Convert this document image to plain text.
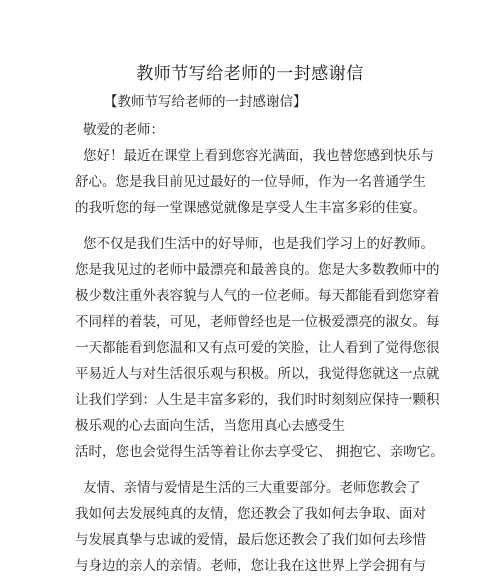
教师节写给老师的一封感谢信
【教师节写给老师的一封感谢信】
敬爱的老师：
您好！最近在课堂上看到您容光满面，我也替您感到快乐与
舒心。您是我目前见过最好的一位导师，作为一名普通学生
的我听您的每一堂课感觉就像是享受人生丰富多彩的佳宴。
您不仅是我们生活中的好导师，也是我们学习上的好教师。
您是我见过的老师中最漂亮和最善良的。您是大多数教师中的
极少数注重外表容貌与人气的一位老师。每天都能看到您穿着
不同样的着装，可见，老师曾经也是一位极爱漂亮的淑女。每
一天都能看到您温和又有点可爱的笑脸，让人看到了觉得您很
平易近人与对生活很乐观与积极。所以，我觉得您就这一点就
让我们学到：人生是丰富多彩的，我们时时刻刻应保持一颗积
极乐观的心去面向生活，当您用真心去感受生
活时，您也会觉得生活等着让你去享受它、 拥抱它、亲吻它。
友情、亲情与爱情是生活的三大重要部分。老师您教会了
我如何去发展纯真的友情，您还教会了我如何去争取、面对
与发展真挚与忠诚的爱情，最后您还教会了我们如何去珍惜
与身边的亲人的亲情。老师，您让我在这世界上学会拥有与
